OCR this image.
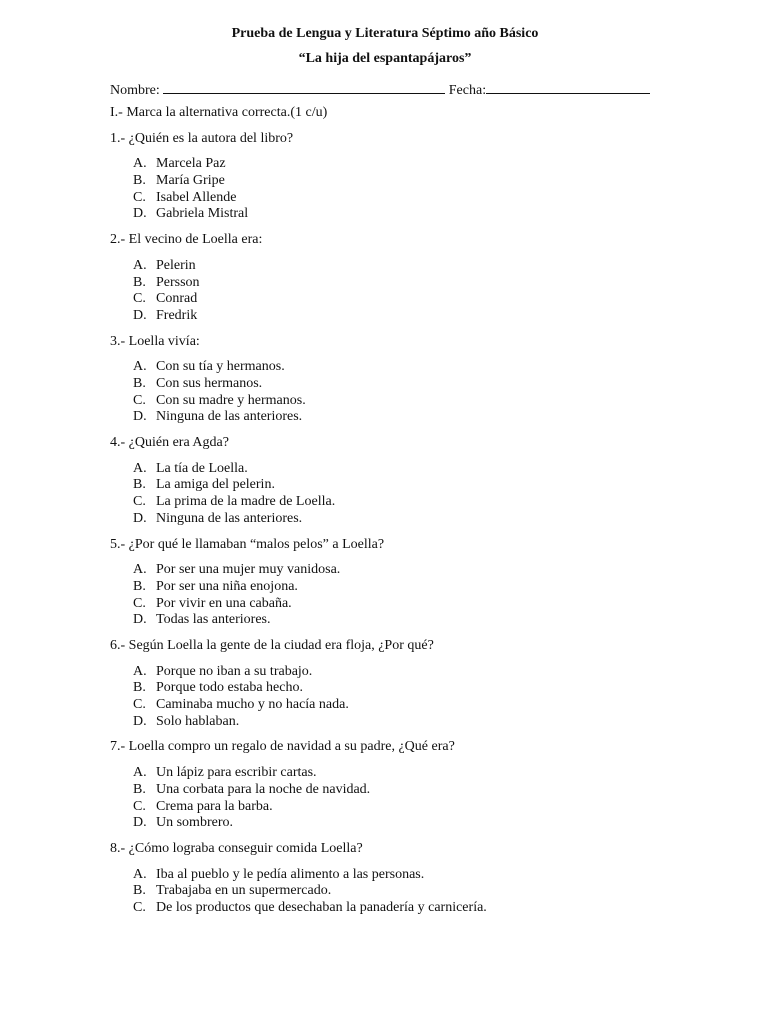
Prueba de Lengua y Literatura Séptimo año Básico

“La hija del espantapájaros”

Nombre:	Fecha:
I.- Marca la alternativa correcta.(1 c/u)
1.- ¿Quién es la autora del libro?
A. Marcela Paz
B. María Gripe
C. Isabel Allende
D. Gabriela Mistral
2.- El vecino de Loella era:
A. Pelerin
B. Persson
C. Conrad
D. Fredrik
3.- Loella vivía:
A. Con su tía y hermanos.
B. Con sus hermanos.
C. Con su madre y hermanos.
D. Ninguna de las anteriores.
4.- ¿Quién era Agda?
A. La tía de Loella.
B. La amiga del pelerin.
C. La prima de la madre de Loella.
D. Ninguna de las anteriores.
5.- ¿Por qué le llamaban “malos pelos” a Loella?
A. Por ser una mujer muy vanidosa.
B. Por ser una niña enojona.
C. Por vivir en una cabaña.
D. Todas las anteriores.
6.- Según Loella la gente de la ciudad era floja, ¿Por qué?
A. Porque no iban a su trabajo.
B. Porque todo estaba hecho.
C. Caminaba mucho y no hacía nada.
D. Solo hablaban.
7.- Loella compro un regalo de navidad a su padre, ¿Qué era?
A. Un lápiz para escribir cartas.
B. Una corbata para la noche de navidad.
C. Crema para la barba.
D. Un sombrero.
8.- ¿Cómo lograba conseguir comida Loella?
A. Iba al pueblo y le pedía alimento a las personas.
B. Trabajaba en un supermercado.
C. De los productos que desechaban la panadería y carnicería.
